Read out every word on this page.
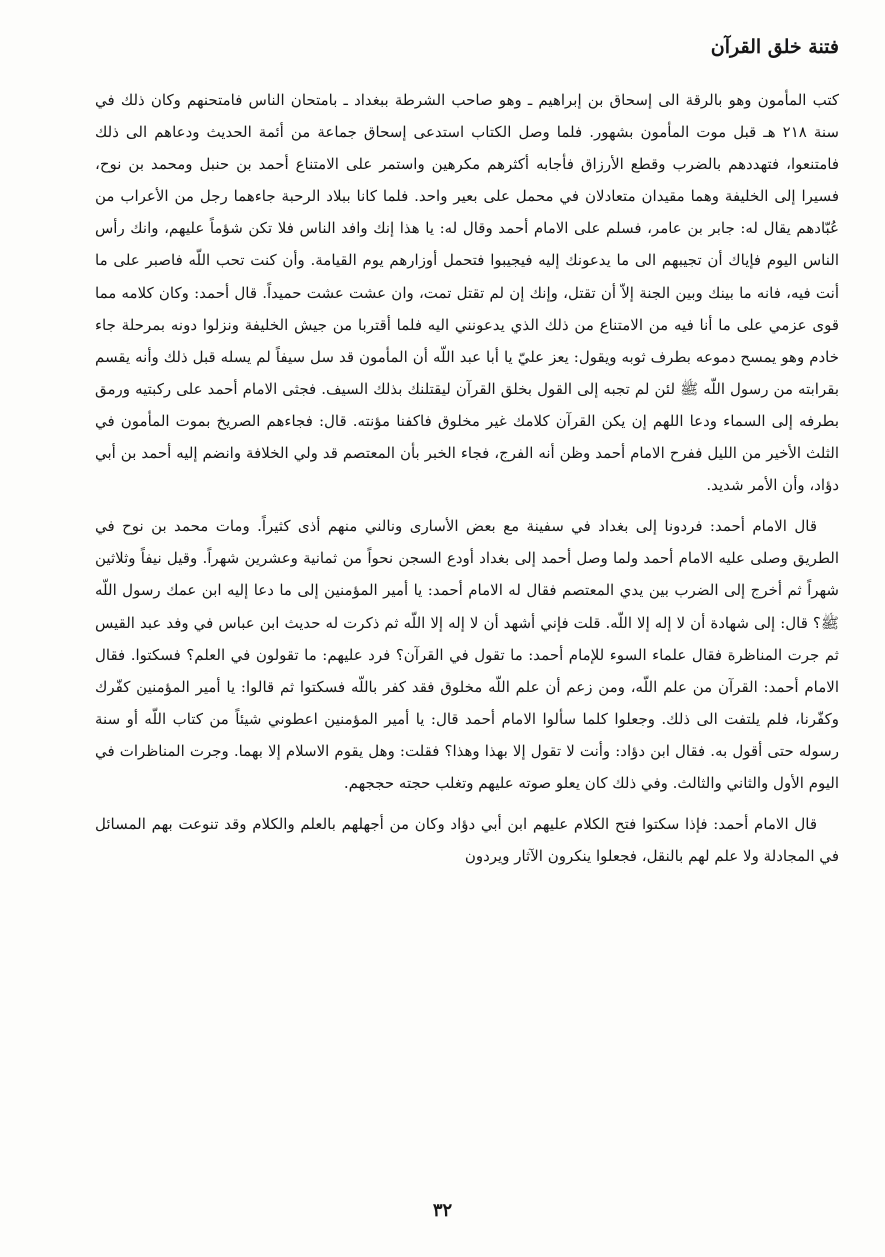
فتنة خلق القرآن

كتب المأمون وهو بالرقة الى إسحاق بن إبراهيم ـ وهو صاحب الشرطة ببغداد ـ بامتحان الناس فامتحنهم وكان ذلك في سنة ٢١٨ هـ قبل موت المأمون بشهور. فلما وصل الكتاب استدعى إسحاق جماعة من أئمة الحديث ودعاهم الى ذلك فامتنعوا، فتهددهم بالضرب وقطع الأرزاق فأجابه أكثرهم مكرهين واستمر على الامتناع أحمد بن حنبل ومحمد بن نوح، فسيرا إلى الخليفة وهما مقيدان متعادلان في محمل على بعير واحد. فلما كانا ببلاد الرحبة جاءهما رجل من الأعراب من عُبّادهم يقال له: جابر بن عامر، فسلم على الامام أحمد وقال له: يا هذا إنك وافد الناس فلا تكن شؤماً عليهم، وانك رأس الناس اليوم فإياك أن تجيبهم الى ما يدعونك إليه فيجيبوا فتحمل أوزارهم يوم القيامة. وأن كنت تحب اللّه فاصبر على ما أنت فيه، فانه ما بينك وبين الجنة إلاّ أن تقتل، وإنك إن لم تقتل تمت، وان عشت عشت حميداً. قال أحمد: وكان كلامه مما قوى عزمي على ما أنا فيه من الامتناع من ذلك الذي يدعونني اليه فلما أقتربا من جيش الخليفة ونزلوا دونه بمرحلة جاء خادم وهو يمسح دموعه بطرف ثوبه ويقول: يعز عليّ يا أبا عبد اللّه أن المأمون قد سل سيفاً لم يسله قبل ذلك وأنه يقسم بقرابته من رسول اللّه ﷺ لئن لم تجبه إلى القول بخلق القرآن ليقتلنك بذلك السيف. فجثى الامام أحمد على ركبتيه ورمق بطرفه إلى السماء ودعا اللهم إن يكن القرآن كلامك غير مخلوق فاكفنا مؤنته. قال: فجاءهم الصريخ بموت المأمون في الثلث الأخير من الليل ففرح الامام أحمد وظن أنه الفرج، فجاء الخبر بأن المعتصم قد ولي الخلافة وانضم إليه أحمد بن أبي دؤاد، وأن الأمر شديد.

قال الامام أحمد: فردونا إلى بغداد في سفينة مع بعض الأسارى ونالني منهم أذى كثيراً. ومات محمد بن نوح في الطريق وصلى عليه الامام أحمد ولما وصل أحمد إلى بغداد أودع السجن نحواً من ثمانية وعشرين شهراً. وقيل نيفاً وثلاثين شهراً ثم أخرج إلى الضرب بين يدي المعتصم فقال له الامام أحمد: يا أمير المؤمنين إلى ما دعا إليه ابن عمك رسول اللّه ﷺ؟ قال: إلى شهادة أن لا إله إلا اللّه. قلت فإني أشهد أن لا إله إلا اللّه ثم ذكرت له حديث ابن عباس في وفد عبد القيس ثم جرت المناظرة فقال علماء السوء للإمام أحمد: ما تقول في القرآن؟ فرد عليهم: ما تقولون في العلم؟ فسكتوا. فقال الامام أحمد: القرآن من علم اللّه، ومن زعم أن علم اللّه مخلوق فقد كفر باللّه فسكتوا ثم قالوا: يا أمير المؤمنين كفّرك وكفّرنا، فلم يلتفت الى ذلك. وجعلوا كلما سألوا الامام أحمد قال: يا أمير المؤمنين اعطوني شيئاً من كتاب اللّه أو سنة رسوله حتى أقول به. فقال ابن دؤاد: وأنت لا تقول إلا بهذا وهذا؟ فقلت: وهل يقوم الاسلام إلا بهما. وجرت المناظرات في اليوم الأول والثاني والثالث. وفي ذلك كان يعلو صوته عليهم وتغلب حجته حججهم.

قال الامام أحمد: فإذا سكتوا فتح الكلام عليهم ابن أبي دؤاد وكان من أجهلهم بالعلم والكلام وقد تنوعت بهم المسائل في المجادلة ولا علم لهم بالنقل، فجعلوا ينكرون الآثار ويردون

٣٢
